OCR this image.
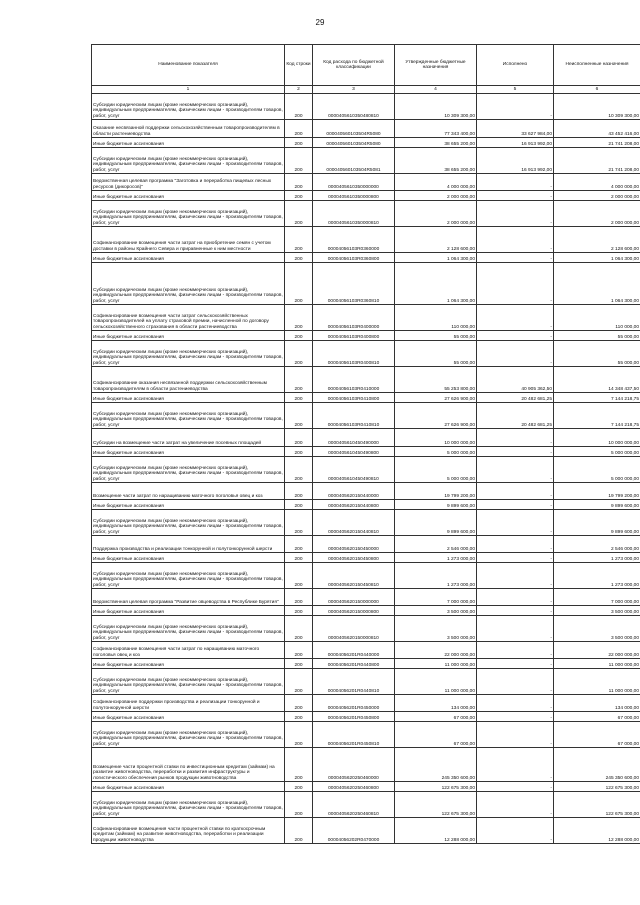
29
Наименование показателя	Код строки	Код расхода по бюджетной классификации	Утвержденные бюджетные назначения	Исполнено	Неисполненные назначения
1	2	3	4	5	6
Субсидии юридическим лицам (кроме некоммерческих организаций), индивидуальным предпринимателям, физическим лицам - производителям товаров, работ, услуг	200	0000405610350480810	10 309 300,00	-	10 309 300,00
Оказание несвязанной поддержки сельскохозяйственным товаропроизводителям в области растениеводства	200	000040560103504R5080	77 343 400,00	33 627 984,00	43 452 416,00
Иные бюджетные ассигнования	200	000040560103504R5080	38 655 200,00	16 913 992,00	21 741 208,00
Субсидии юридическим лицам (кроме некоммерческих организаций), индивидуальным предпринимателям, физическим лицам - производителям товаров, работ, услуг	200	000040560103504R5081	38 655 200,00	16 913 992,00	21 741 208,00
Ведомственная целевая программа "Заготовка и переработка пищевых лесных ресурсов (дикоросов)"	200	0000405610350000000	4 000 000,00	-	4 000 000,00
Иные бюджетные ассигнования	200	0000405610350000800	2 000 000,00	-	2 000 000,00
Субсидии юридическим лицам (кроме некоммерческих организаций), индивидуальным предпринимателям, физическим лицам - производителям товаров, работ, услуг	200	0000405610350000810	2 000 000,00	-	2 000 000,00
Софинансирование возмещения части затрат на приобретение семян с учетом доставки в районы Крайнего Севера и приравненные к ним местности	200	00004056103R0360000	2 128 600,00	-	2 128 600,00
Иные бюджетные ассигнования	200	00004056103R0360800	1 064 300,00	-	1 064 300,00
Субсидии юридическим лицам (кроме некоммерческих организаций), индивидуальным предпринимателям, физическим лицам - производителям товаров, работ, услуг	200	00004056103R0360810	1 064 300,00	-	1 064 300,00
Софинансирование возмещения части затрат сельскохозяйственных товаропроизводителей на уплату страховой премии, начисленной по договору сельскохозяйственного страхования в области растениеводства	200	00004056103R0400000	110 000,00	-	110 000,00
Иные бюджетные ассигнования	200	00004056103R0400800	55 000,00	-	55 000,00
Субсидии юридическим лицам (кроме некоммерческих организаций), индивидуальным предпринимателям, физическим лицам - производителям товаров, работ, услуг	200	00004056103R0400810	55 000,00	-	55 000,00
Софинансирование оказания несвязанной поддержки сельскохозяйственным товаропроизводителям в области растениеводства	200	00004056103R0410000	55 253 800,00	40 905 362,50	14 348 437,50
Иные бюджетные ассигнования	200	00004056103R0410800	27 626 900,00	20 482 681,25	7 144 218,75
Субсидии юридическим лицам (кроме некоммерческих организаций), индивидуальным предпринимателям, физическим лицам - производителям товаров, работ, услуг	200	00004056103R0410810	27 626 900,00	20 482 681,25	7 144 218,75
Субсидии на возмещение части затрат на увеличение посевных площадей	200	0000405610450490000	10 000 000,00	-	10 000 000,00
Иные бюджетные ассигнования	200	0000405610450490800	5 000 000,00	-	5 000 000,00
Субсидии юридическим лицам (кроме некоммерческих организаций), индивидуальным предпринимателям, физическим лицам - производителям товаров, работ, услуг	200	0000405610450490810	5 000 000,00	-	5 000 000,00
Возмещение части затрат по наращиванию маточного поголовья овец и коз	200	0000405620150440000	19 799 200,00	-	19 799 200,00
Иные бюджетные ассигнования	200	0000405620150440800	9 899 600,00	-	9 899 600,00
Субсидии юридическим лицам (кроме некоммерческих организаций), индивидуальным предпринимателям, физическим лицам - производителям товаров, работ, услуг	200	0000405620150440810	9 899 600,00	-	9 899 600,00
Поддержка производства и реализации тонкорунной и полутонкорунной шерсти	200	0000405620150450000	2 546 000,00	-	2 546 000,00
Иные бюджетные ассигнования	200	0000405620150450800	1 273 000,00	-	1 273 000,00
Субсидии юридическим лицам (кроме некоммерческих организаций), индивидуальным предпринимателям, физическим лицам - производителям товаров, работ, услуг	200	0000405620150450810	1 273 000,00	-	1 273 000,00
Ведомственная целевая программа "Развитие овцеводства в Республике Бурятия"	200	0000405620150000000	7 000 000,00	-	7 000 000,00
Иные бюджетные ассигнования	200	0000405620150000800	3 500 000,00	-	3 500 000,00
Субсидии юридическим лицам (кроме некоммерческих организаций), индивидуальным предпринимателям, физическим лицам - производителям товаров, работ, услуг	200	0000405620150000810	3 500 000,00	-	3 500 000,00
Софинансирование возмещения части затрат по наращиванию маточного поголовья овец и коз	200	00004056201R0440000	22 000 000,00	-	22 000 000,00
Иные бюджетные ассигнования	200	00004056201R0440800	11 000 000,00	-	11 000 000,00
Субсидии юридическим лицам (кроме некоммерческих организаций), индивидуальным предпринимателям, физическим лицам - производителям товаров, работ, услуг	200	00004056201R0440810	11 000 000,00	-	11 000 000,00
Софинансирование поддержки производства и реализации тонкорунной и полутонкорунной шерсти	200	00004056201R0450000	134 000,00	-	134 000,00
Иные бюджетные ассигнования	200	00004056201R0450800	67 000,00	-	67 000,00
Субсидии юридическим лицам (кроме некоммерческих организаций), индивидуальным предпринимателям, физическим лицам - производителям товаров, работ, услуг	200	00004056201R0450810	67 000,00	-	67 000,00
Возмещение части процентной ставки по инвестиционным кредитам (займам) на развитие животноводства, переработки и развития инфраструктуры и логистического обеспечения рынков продукции животноводства	200	0000405620250460000	245 350 600,00	-	245 350 600,00
Иные бюджетные ассигнования	200	0000405620250460800	122 675 300,00	-	122 675 300,00
Субсидии юридическим лицам (кроме некоммерческих организаций), индивидуальным предпринимателям, физическим лицам - производителям товаров, работ, услуг	200	0000405620250460810	122 675 300,00	-	122 675 300,00
Софинансирование возмещения части процентной ставки по краткосрочным кредитам (займам) на развитие животноводства, переработки и реализации продукции животноводства	200	00004056202R0470000	12 288 000,00	-	12 288 000,00
